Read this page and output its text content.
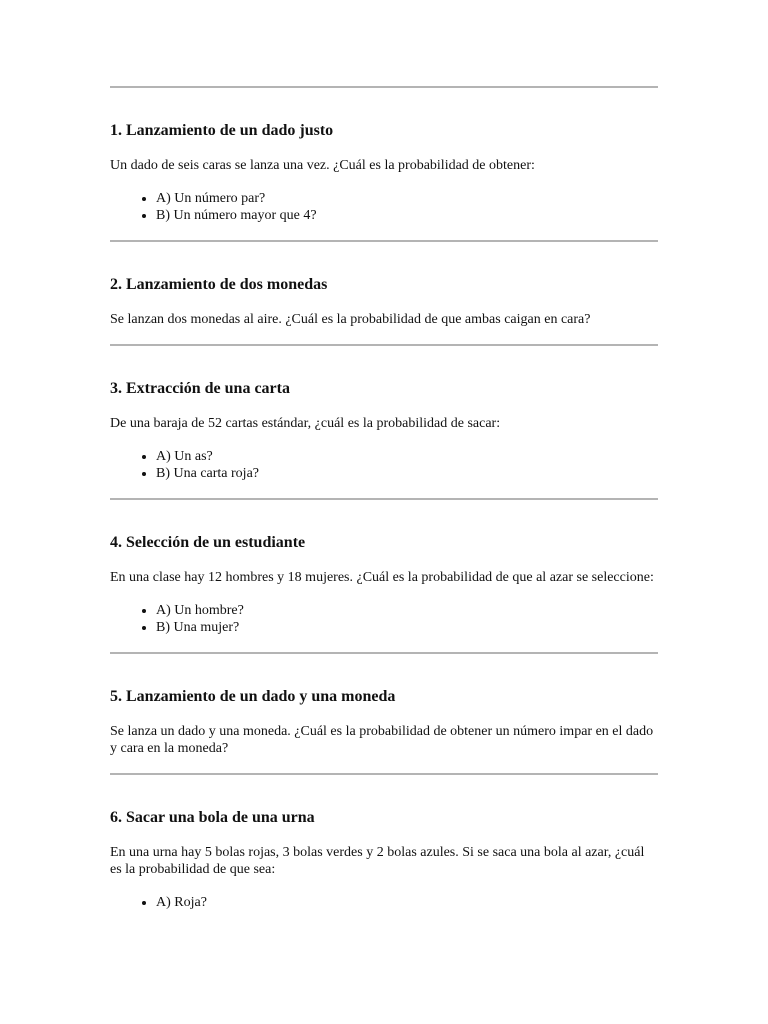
1. Lanzamiento de un dado justo

Un dado de seis caras se lanza una vez. ¿Cuál es la probabilidad de obtener:

• A) Un número par?
• B) Un número mayor que 4?
2. Lanzamiento de dos monedas

Se lanzan dos monedas al aire. ¿Cuál es la probabilidad de que ambas caigan en cara?

3. Extracción de una carta

De una baraja de 52 cartas estándar, ¿cuál es la probabilidad de sacar:

• A) Un as?
• B) Una carta roja?
4. Selección de un estudiante

En una clase hay 12 hombres y 18 mujeres. ¿Cuál es la probabilidad de que al azar se seleccione:

• A) Un hombre?
• B) Una mujer?
5. Lanzamiento de un dado y una moneda

Se lanza un dado y una moneda. ¿Cuál es la probabilidad de obtener un número impar en el dado y cara en la moneda?

6. Sacar una bola de una urna

En una urna hay 5 bolas rojas, 3 bolas verdes y 2 bolas azules. Si se saca una bola al azar, ¿cuál es la probabilidad de que sea:

• A) Roja?
